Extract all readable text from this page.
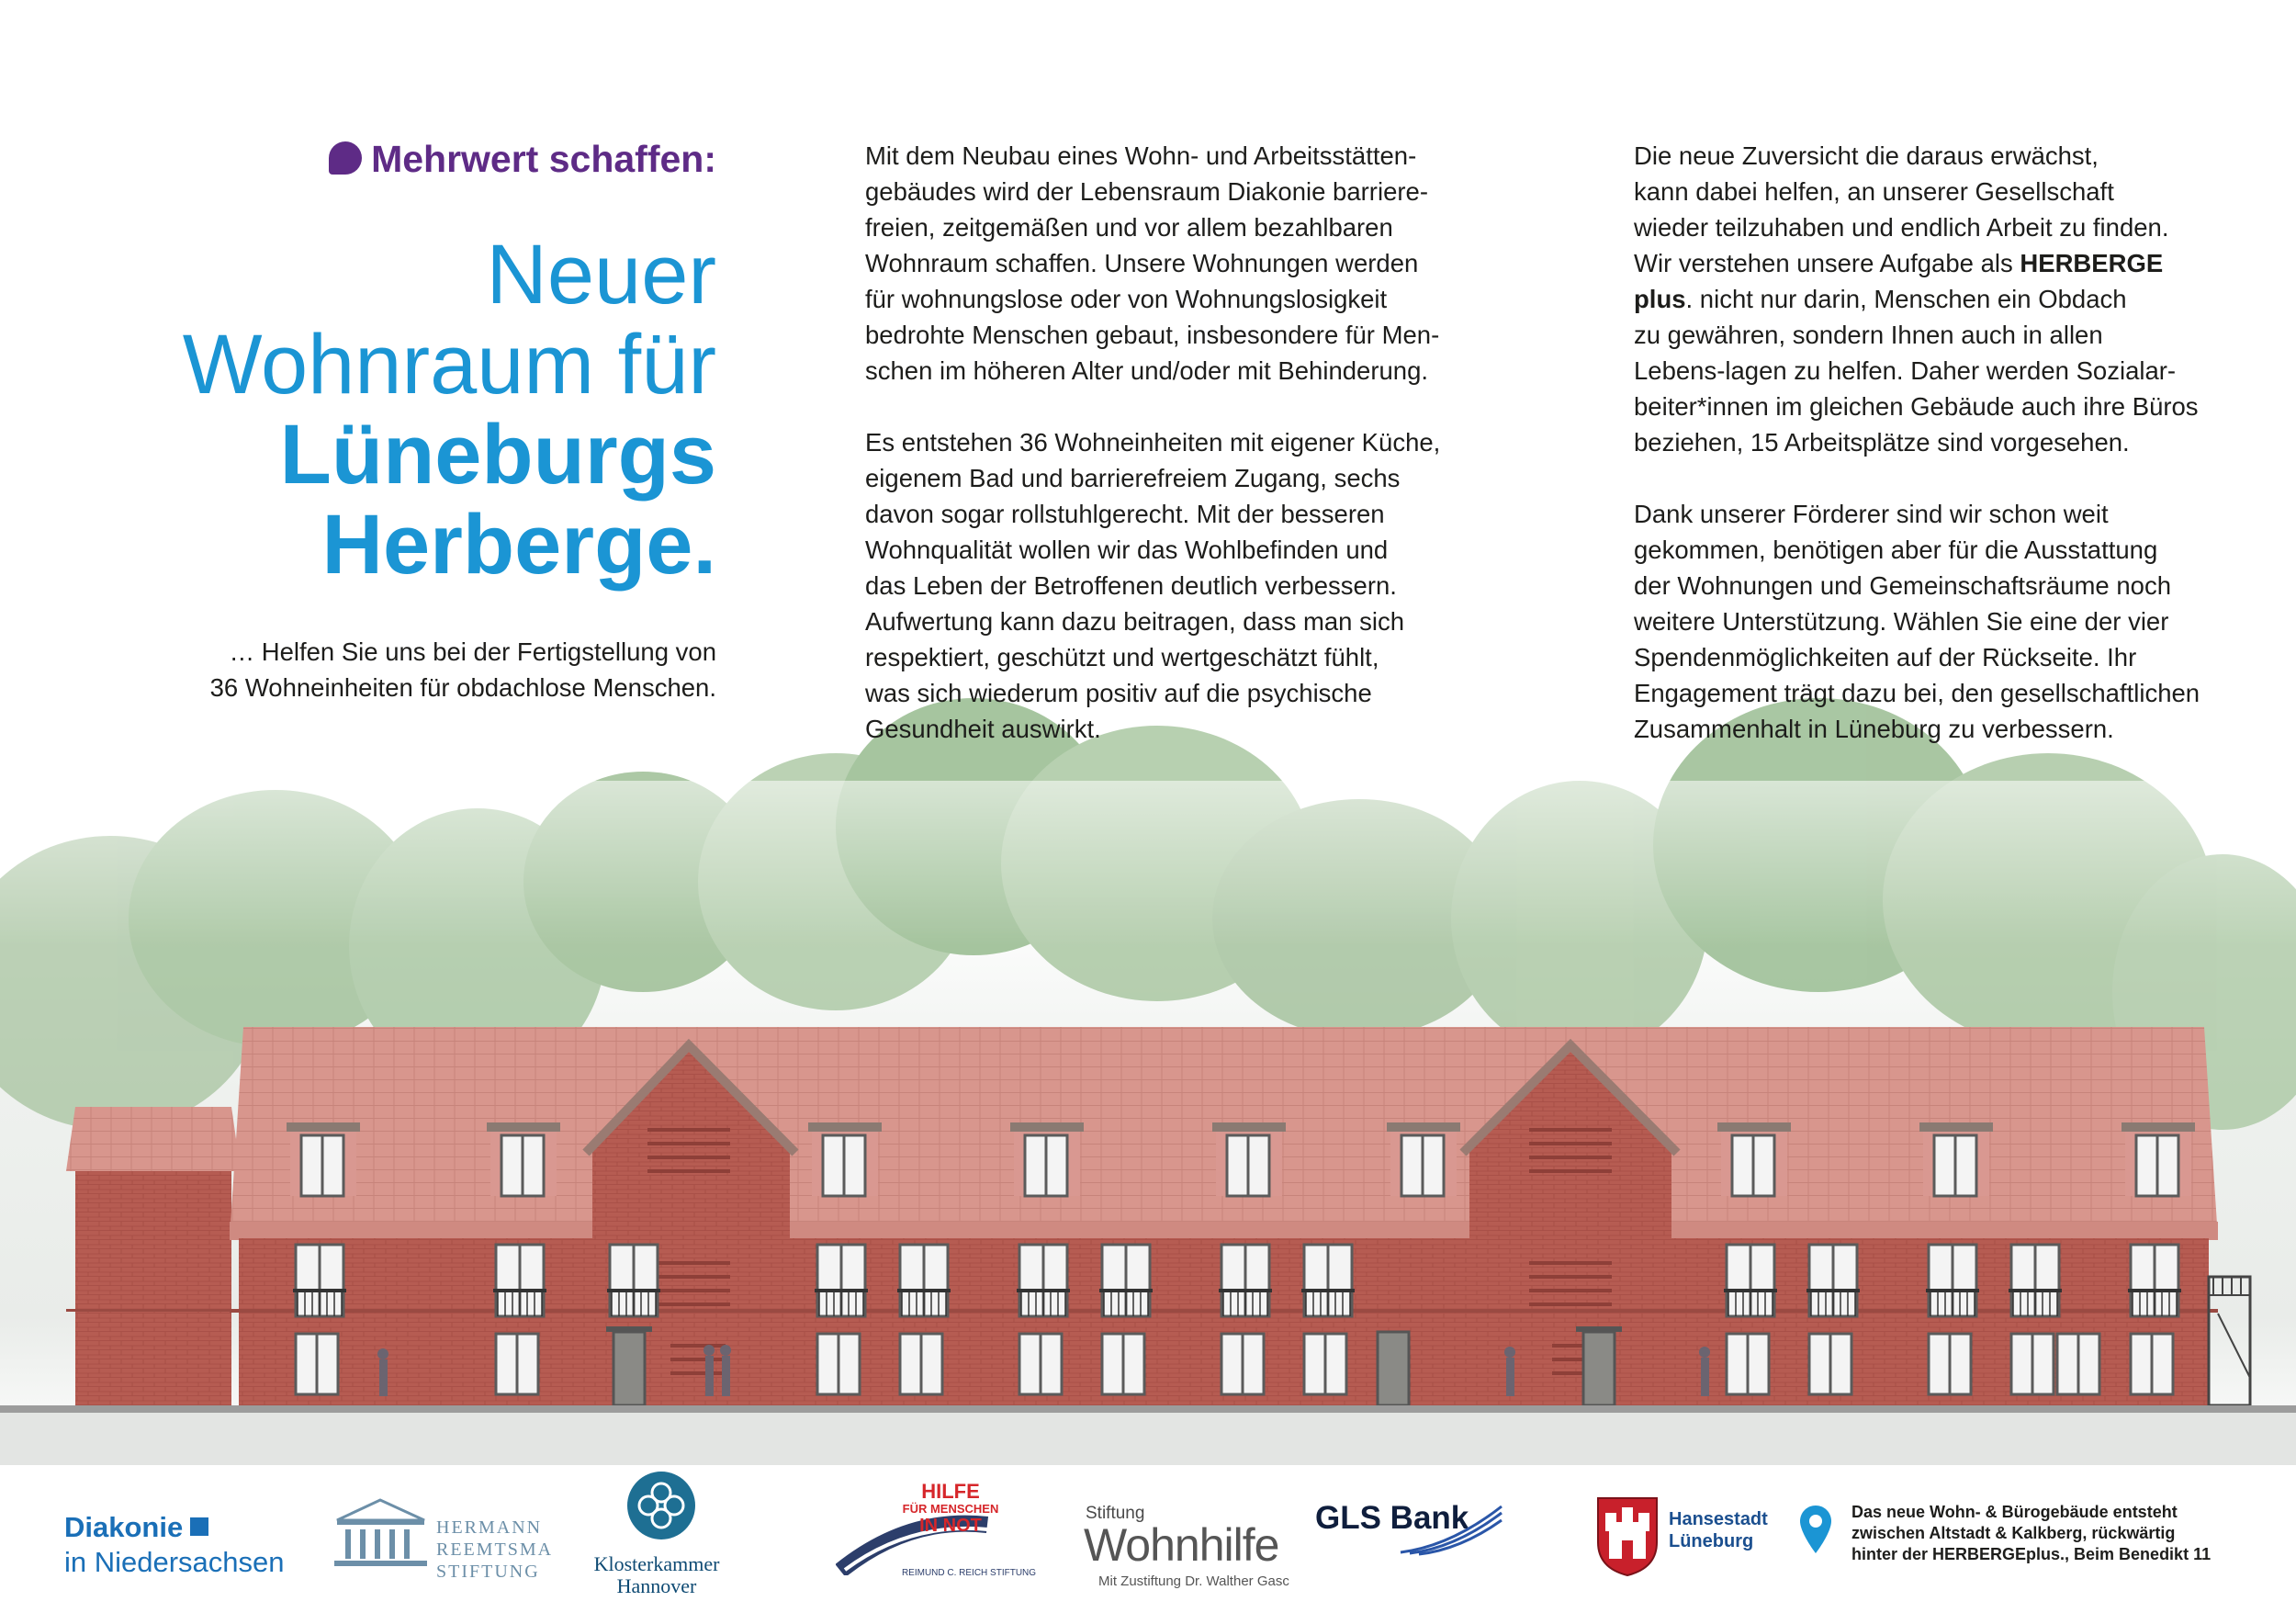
Mehrwert schaffen:
Neuer
Wohnraum für
Lüneburgs
Herberge.
… Helfen Sie uns bei der Fertigstellung von
36 Wohneinheiten für obdachlose Menschen.

Mit dem Neubau eines Wohn- und Arbeitsstätten-
gebäudes wird der Lebensraum Diakonie barriere-
freien, zeitgemäßen und vor allem bezahlbaren
Wohnraum schaffen. Unsere Wohnungen werden
für wohnungslose oder von Wohnungslosigkeit
bedrohte Menschen gebaut, insbesondere für Men-
schen im höheren Alter und/oder mit Behinderung.

Es entstehen 36 Wohneinheiten mit eigener Küche,
eigenem Bad und barrierefreiem Zugang, sechs
davon sogar rollstuhlgerecht. Mit der besseren
Wohnqualität wollen wir das Wohlbefinden und
das Leben der Betroffenen deutlich verbessern.
Aufwertung kann dazu beitragen, dass man sich
respektiert, geschützt und wertgeschätzt fühlt,
was sich wiederum positiv auf die psychische
Gesundheit auswirkt.

Die neue Zuversicht die daraus erwächst,
kann dabei helfen, an unserer Gesellschaft
wieder teilzuhaben und endlich Arbeit zu finden.
Wir verstehen unsere Aufgabe als HERBERGE
plus. nicht nur darin, Menschen ein Obdach
zu gewähren, sondern Ihnen auch in allen
Lebens-lagen zu helfen. Daher werden Sozialar-
beiter*innen im gleichen Gebäude auch ihre Büros
beziehen, 15 Arbeitsplätze sind vorgesehen.

Dank unserer Förderer sind wir schon weit
gekommen, benötigen aber für die Ausstattung
der Wohnungen und Gemeinschaftsräume noch
weitere Unterstützung. Wählen Sie eine der vier
Spendenmöglichkeiten auf der Rückseite. Ihr
Engagement trägt dazu bei, den gesellschaftlichen
Zusammenhalt in Lüneburg zu verbessern.

Diakonie
in Niedersachsen
HERMANN
REEMTSMA
STIFTUNG	Klosterkammer
Hannover
HILFE
FÜR MENSCHEN
IN NOT
REIMUND C. REICH STIFTUNG
Stiftung
Wohnhilfe
Mit Zustiftung Dr. Walther Gasc
GLS Bank	Hansestadt
Lüneburg
Das neue Wohn- & Bürogebäude entsteht
zwischen Altstadt & Kalkberg, rückwärtig
hinter der HERBERGEplus., Beim Benedikt 11
